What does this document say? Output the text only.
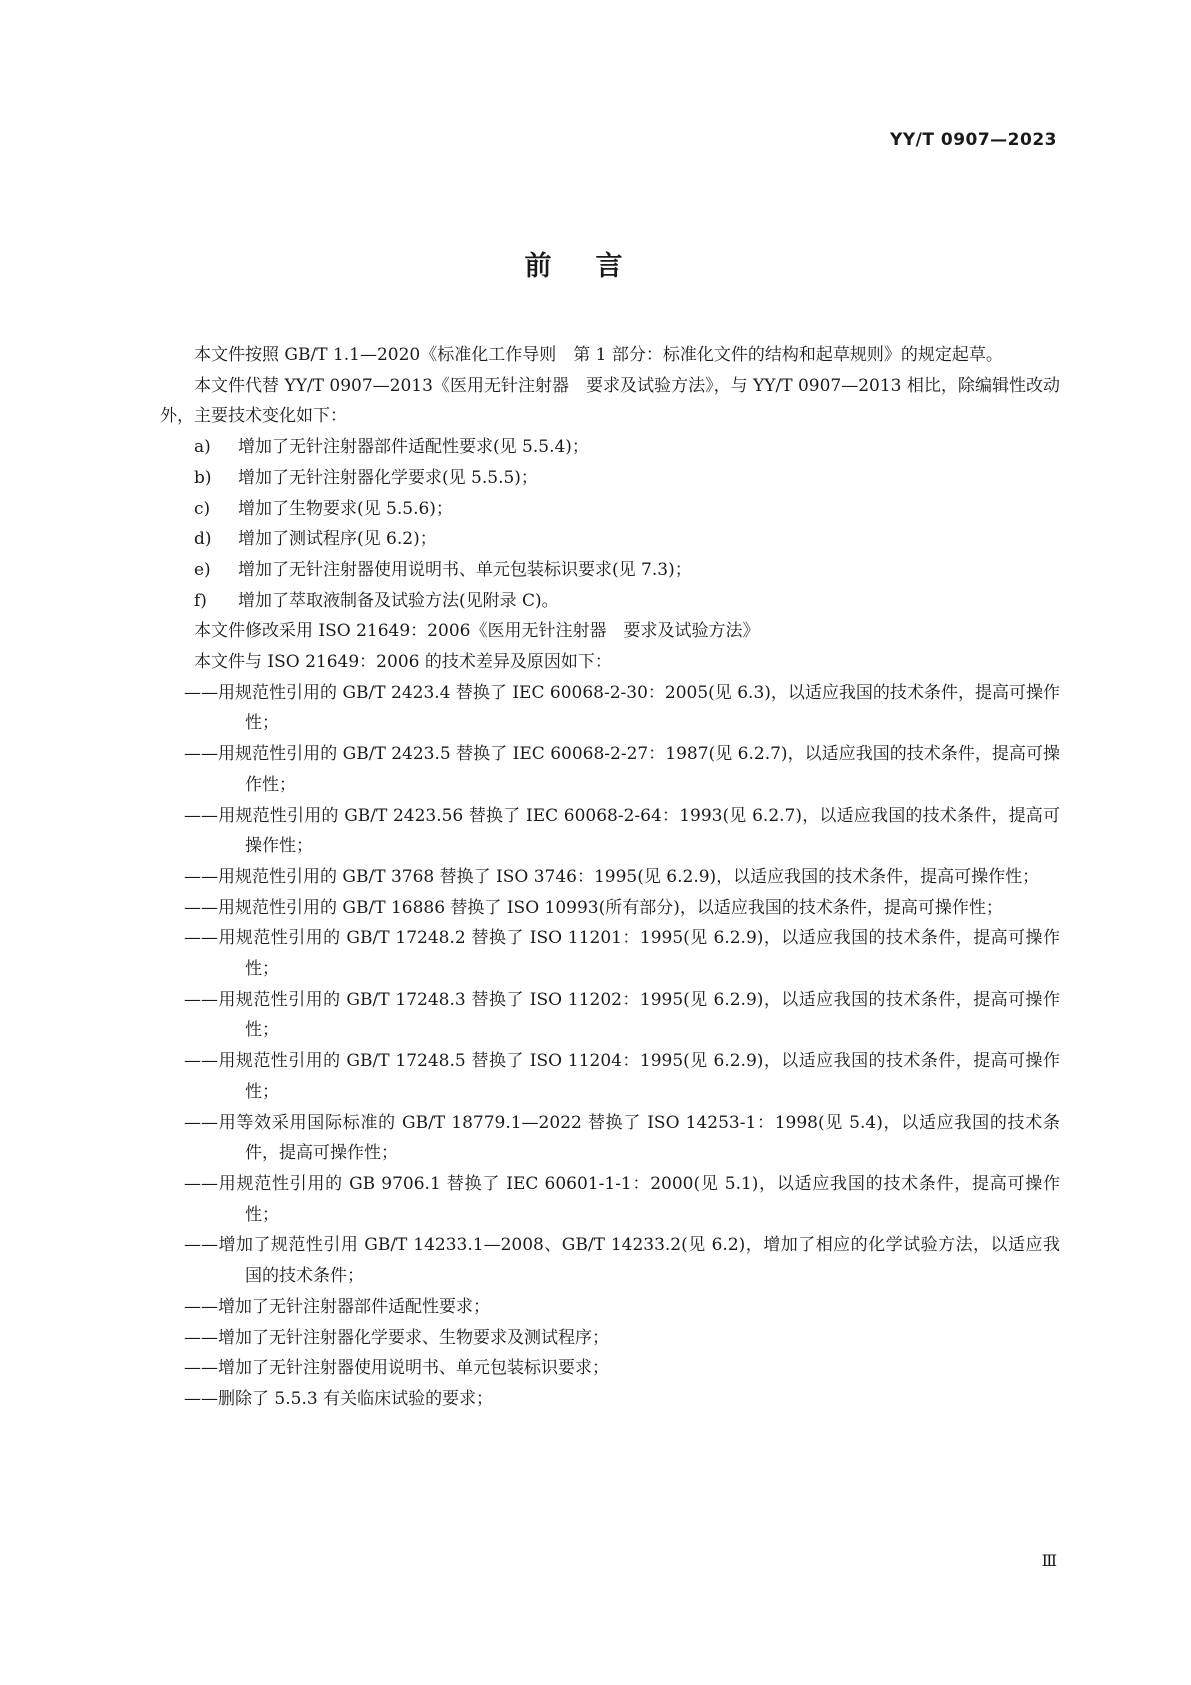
YY/T 0907—2023
前言

本文件按照 GB/T 1.1—2020《标准化工作导则　第 1 部分：标准化文件的结构和起草规则》的规定起草。

本文件代替 YY/T 0907—2013《医用无针注射器　要求及试验方法》，与 YY/T 0907—2013 相比，除编辑性改动外，主要技术变化如下：

a)	增加了无针注射器部件适配性要求(见 5.5.4)；

b)	增加了无针注射器化学要求(见 5.5.5)；

c)	增加了生物要求(见 5.5.6)；

d)	增加了测试程序(见 6.2)；

e)	增加了无针注射器使用说明书、单元包装标识要求(见 7.3)；

f)	增加了萃取液制备及试验方法(见附录 C)。

本文件修改采用 ISO 21649：2006《医用无针注射器　要求及试验方法》

本文件与 ISO 21649：2006 的技术差异及原因如下：

——用规范性引用的 GB/T 2423.4 替换了 IEC 60068-2-30：2005(见 6.3)，以适应我国的技术条件，提高可操作性；

——用规范性引用的 GB/T 2423.5 替换了 IEC 60068-2-27：1987(见 6.2.7)，以适应我国的技术条件，提高可操作性；

——用规范性引用的 GB/T 2423.56 替换了 IEC 60068-2-64：1993(见 6.2.7)，以适应我国的技术条件，提高可操作性；

——用规范性引用的 GB/T 3768 替换了 ISO 3746：1995(见 6.2.9)，以适应我国的技术条件，提高可操作性；

——用规范性引用的 GB/T 16886 替换了 ISO 10993(所有部分)，以适应我国的技术条件，提高可操作性；

——用规范性引用的 GB/T 17248.2 替换了 ISO 11201：1995(见 6.2.9)，以适应我国的技术条件，提高可操作性；

——用规范性引用的 GB/T 17248.3 替换了 ISO 11202：1995(见 6.2.9)，以适应我国的技术条件，提高可操作性；

——用规范性引用的 GB/T 17248.5 替换了 ISO 11204：1995(见 6.2.9)，以适应我国的技术条件，提高可操作性；

——用等效采用国际标准的 GB/T 18779.1—2022 替换了 ISO 14253-1：1998(见 5.4)，以适应我国的技术条件，提高可操作性；

——用规范性引用的 GB 9706.1 替换了 IEC 60601-1-1：2000(见 5.1)，以适应我国的技术条件，提高可操作性；

——增加了规范性引用 GB/T 14233.1—2008、GB/T 14233.2(见 6.2)，增加了相应的化学试验方法，以适应我国的技术条件；

——增加了无针注射器部件适配性要求；

——增加了无针注射器化学要求、生物要求及测试程序；

——增加了无针注射器使用说明书、单元包装标识要求；

——删除了 5.5.3 有关临床试验的要求；

Ⅲ
